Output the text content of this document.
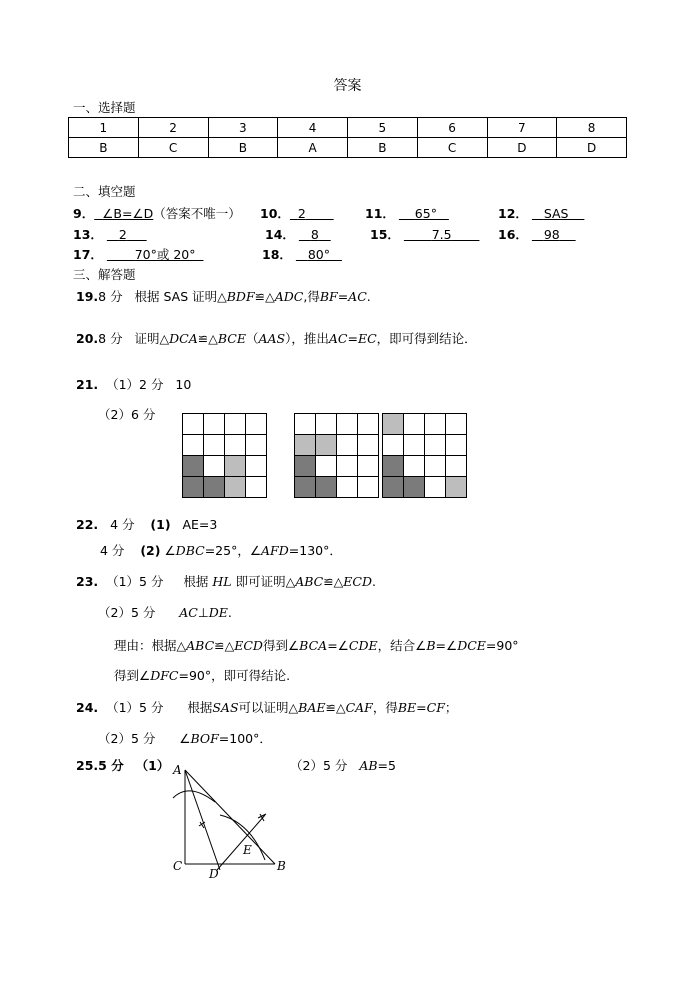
答案
一、选择题
1	2	3	4	5	6	7	8
B	C	B	A	B	C	D	D
二、填空题
9． ∠B=∠D（答案不唯一） 10． 2	11． 65°	12． SAS
13． 2	14． 8	15．	7.5	16． 98
17．	70°或 20°	18． 80°
三、解答题
19.8 分 根据 SAS 证明△BDF≌△ADC,得BF=AC.
20.8 分 证明△DCA≌△BCE（AAS），推出AC=EC，即可得到结论．
21. （1）2 分 10
（2）6 分
22. 4 分 (1) AE=3
4 分 (2) ∠DBC=25°，∠AFD=130°．
23. （1）5 分 根据 HL 即可证明△ABC≌△ECD.
（2）5 分 AC⊥DE.
理由：根据△ABC≌△ECD得到∠BCA=∠CDE，结合∠B=∠DCE=90°
得到∠DFC=90°，即可得结论.
24. （1）5 分 根据SAS可以证明△BAE≌△CAF，得BE=CF；
（2）5 分 ∠BOF=100°．
25.5 分 （1）	（2）5 分 AB=5
A
C
D
B
E
